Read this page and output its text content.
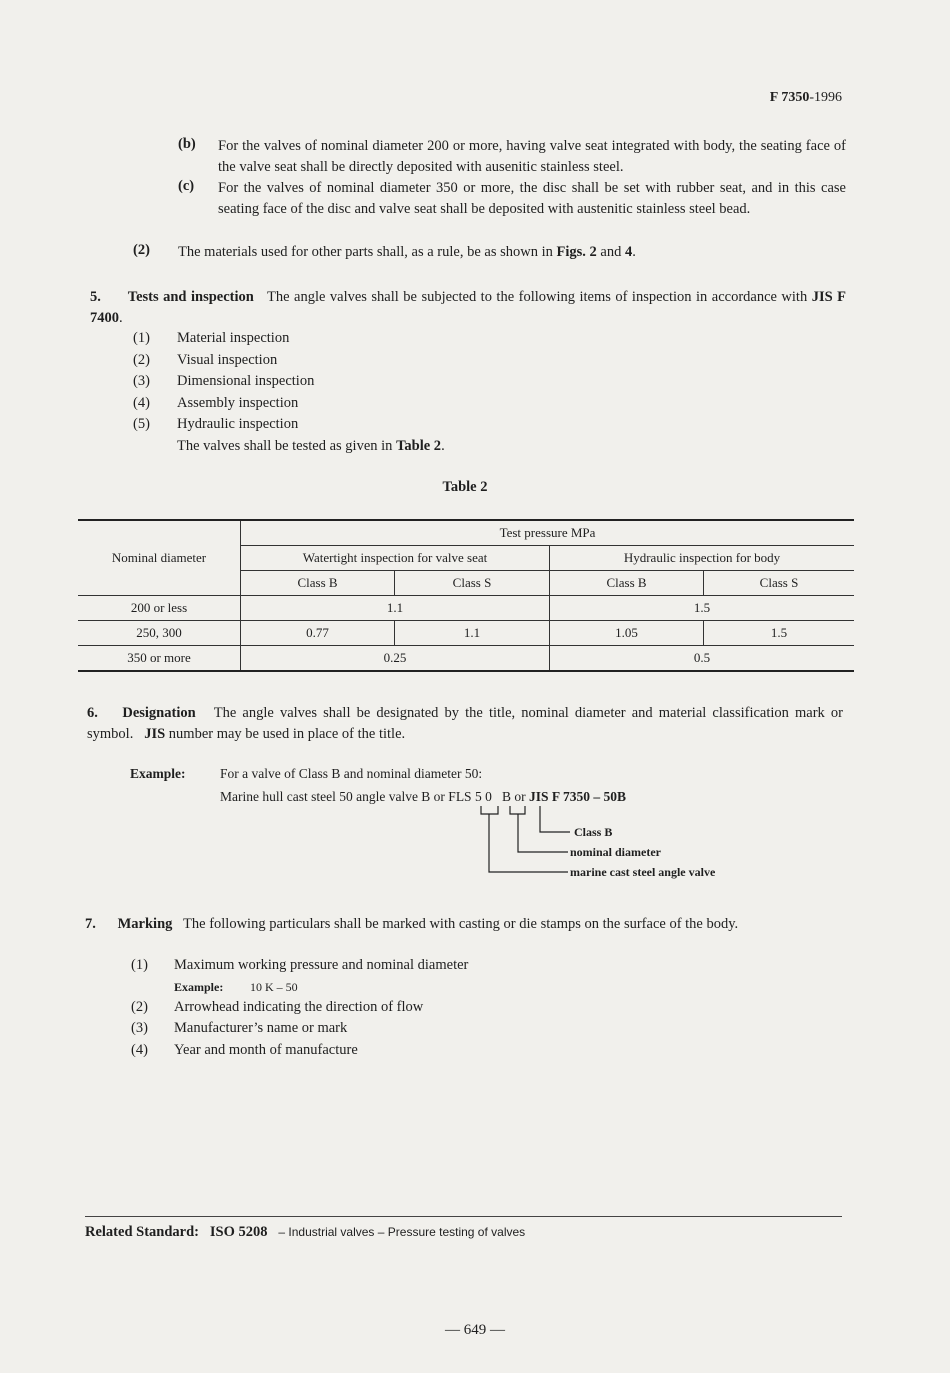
F 7350-1996
(b) For the valves of nominal diameter 200 or more, having valve seat integrated with body, the seating face of the valve seat shall be directly deposited with ausenitic stainless steel.
(c) For the valves of nominal diameter 350 or more, the disc shall be set with rubber seat, and in this case seating face of the disc and valve seat shall be deposited with austenitic stainless steel bead.
(2) The materials used for other parts shall, as a rule, be as shown in Figs. 2 and 4.
5. Tests and inspection The angle valves shall be subjected to the following items of inspection in accordance with JIS F 7400.
(1)
(2)
(3)
(4)
(5)
Material inspection
Visual inspection
Dimensional inspection
Assembly inspection
Hydraulic inspection
The valves shall be tested as given in Table 2.
Table 2
Nominal diameter	Test pressure MPa			
	Watertight inspection for valve seat		Hydraulic inspection for body	
	Class B	Class S	Class B	Class S
200 or less	1.1		1.5	
250, 300	0.77	1.1	1.05	1.5
350 or more	0.25		0.5	
6. Designation The angle valves shall be designated by the title, nominal diameter and material classification mark or symbol. JIS number may be used in place of the title.
Example:	For a valve of Class B and nominal diameter 50:
Marine hull cast steel 50 angle valve B or FLS 5 0   B or JIS F 7350 – 50B
Class B
nominal diameter
marine cast steel angle valve
7. Marking The following particulars shall be marked with casting or die stamps on the surface of the body.
(1) Maximum working pressure and nominal diameter
Example: 10 K – 50
(2) Arrowhead indicating the direction of flow
(3) Manufacturer’s name or mark
(4) Year and month of manufacture
Related Standard: ISO 5208 – Industrial valves – Pressure testing of valves
— 649 —
